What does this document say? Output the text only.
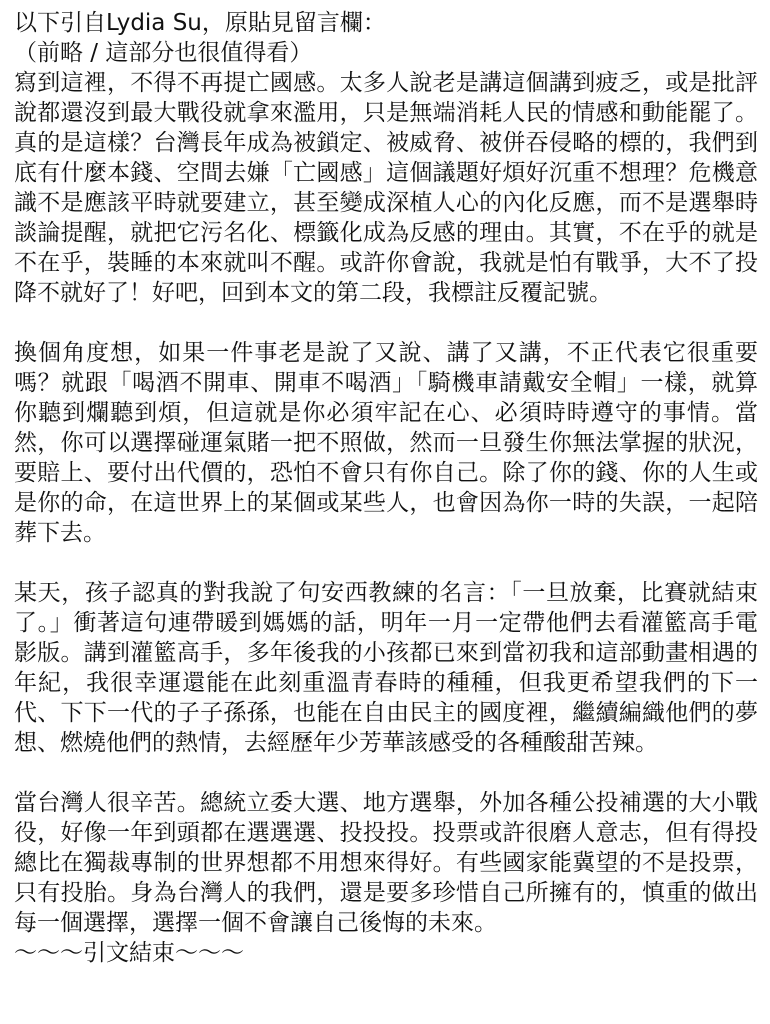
以下引自Lydia Su，原貼見留言欄：
（前略 / 這部分也很值得看）

寫到這裡，不得不再提亡國感。太多人說老是講這個講到疲乏，或是批評說都還沒到最大戰役就拿來濫用，只是無端消耗人民的情感和動能罷了。真的是這樣？台灣長年成為被鎖定、被威脅、被併吞侵略的標的，我們到底有什麼本錢、空間去嫌「亡國感」這個議題好煩好沉重不想理？危機意識不是應該平時就要建立，甚至變成深植人心的內化反應，而不是選舉時談論提醒，就把它污名化、標籤化成為反感的理由。其實，不在乎的就是不在乎，裝睡的本來就叫不醒。或許你會說，我就是怕有戰爭，大不了投降不就好了！好吧，回到本文的第二段，我標註反覆記號。

換個角度想，如果一件事老是說了又說、講了又講，不正代表它很重要嗎？就跟「喝酒不開車、開車不喝酒」「騎機車請戴安全帽」一樣，就算你聽到爛聽到煩，但這就是你必須牢記在心、必須時時遵守的事情。當然，你可以選擇碰運氣賭一把不照做，然而一旦發生你無法掌握的狀況，要賠上、要付出代價的，恐怕不會只有你自己。除了你的錢、你的人生或是你的命，在這世界上的某個或某些人，也會因為你一時的失誤，一起陪葬下去。

某天，孩子認真的對我說了句安西教練的名言：「一旦放棄，比賽就結束了。」衝著這句連帶暖到媽媽的話，明年一月一定帶他們去看灌籃高手電影版。講到灌籃高手，多年後我的小孩都已來到當初我和這部動畫相遇的年紀，我很幸運還能在此刻重溫青春時的種種，但我更希望我們的下一代、下下一代的子子孫孫，也能在自由民主的國度裡，繼續編織他們的夢想、燃燒他們的熱情，去經歷年少芳華該感受的各種酸甜苦辣。

當台灣人很辛苦。總統立委大選、地方選舉，外加各種公投補選的大小戰役，好像一年到頭都在選選選、投投投。投票或許很磨人意志，但有得投總比在獨裁專制的世界想都不用想來得好。有些國家能冀望的不是投票，只有投胎。身為台灣人的我們，還是要多珍惜自己所擁有的，慎重的做出每一個選擇，選擇一個不會讓自己後悔的未來。

～～～引文結束～～～
